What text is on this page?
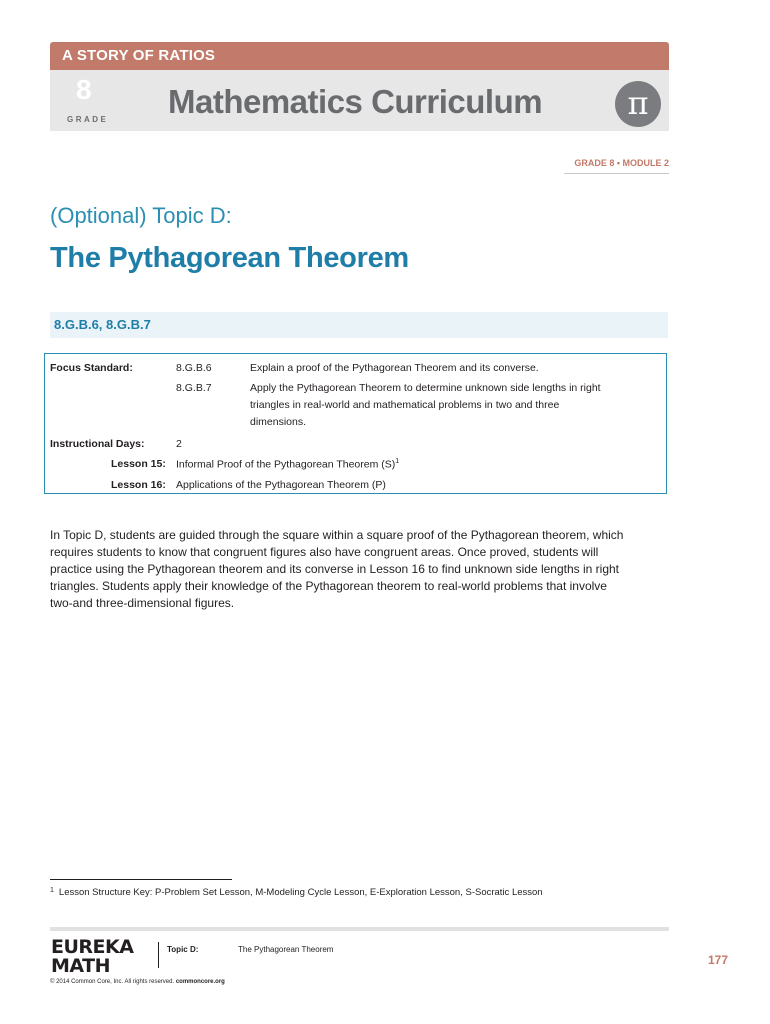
A STORY OF RATIOS
8
GRADE Mathematics Curriculum	π
GRADE 8 • MODULE 2
(Optional) Topic D:
The Pythagorean Theorem
8.G.B.6, 8.G.B.7
Focus Standard:	8.G.B.6	Explain a proof of the Pythagorean Theorem and its converse.
8.G.B.7	Apply the Pythagorean Theorem to determine unknown side lengths in right
triangles in real-world and mathematical problems in two and three
dimensions.
Instructional Days:	2
Lesson 15: Informal Proof of the Pythagorean Theorem $(S)^1$
Lesson 16: Applications of the Pythagorean Theorem (P)
In Topic D, students are guided through the square within a square proof of the Pythagorean theorem, which
requires students to know that congruent figures also have congruent areas. Once proved, students will
practice using the Pythagorean theorem and its converse in Lesson 16 to find unknown side lengths in right
triangles. Students apply their knowledge of the Pythagorean theorem to real-world problems that involve
two-and three-dimensional figures.
$^1$ Lesson Structure Key: P-Problem Set Lesson, M-Modeling Cycle Lesson, E-Exploration Lesson, S-Socratic Lesson
EUREKA
MATH
Topic D:	The Pythagorean Theorem
177
© 2014 Common Core, Inc. All rights reserved. commoncore.org
